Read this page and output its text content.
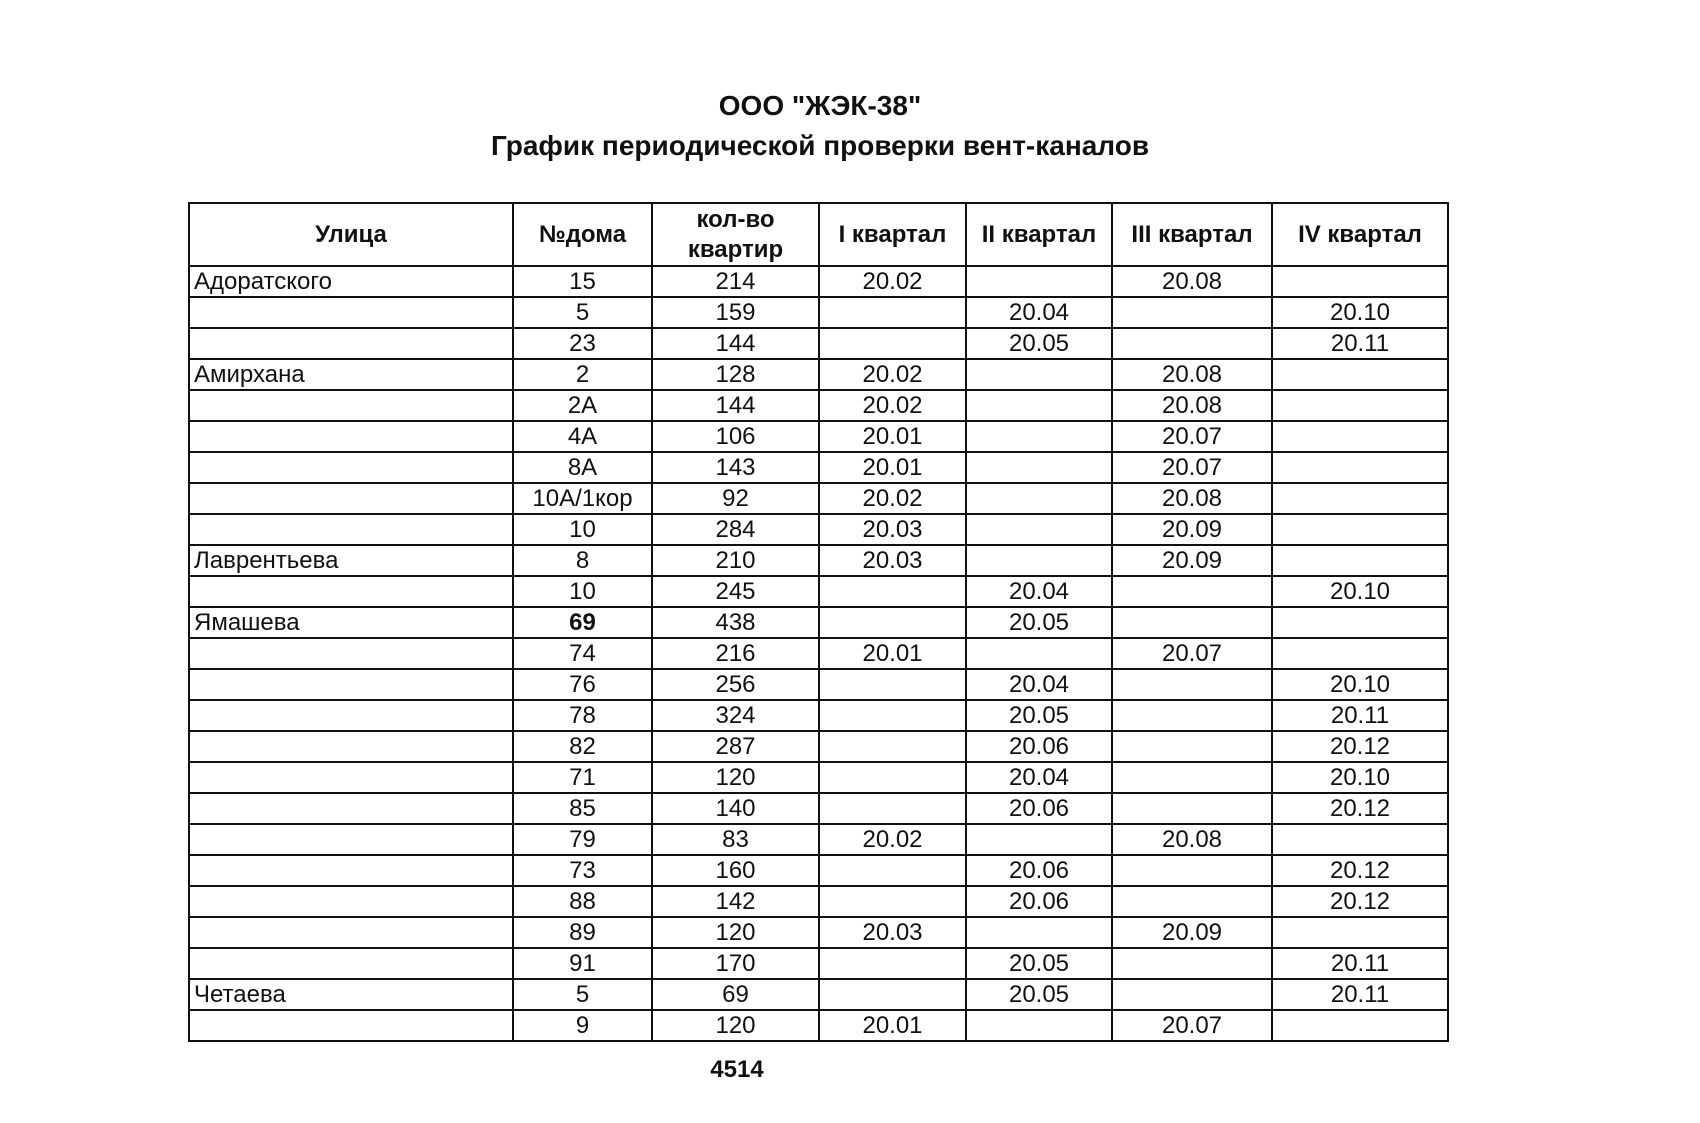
ООО "ЖЭК-38"
График периодической проверки вент-каналов
Улица	№дома	кол-во квартир	I квартал	II квартал	III квартал	IV квартал
Адоратского	15	214	20.02		20.08	
	5	159		20.04		20.10
	23	144		20.05		20.11
Амирхана	2	128	20.02		20.08	
	2А	144	20.02		20.08	
	4А	106	20.01		20.07	
	8А	143	20.01		20.07	
	10А/1кор	92	20.02		20.08	
	10	284	20.03		20.09	
Лаврентьева	8	210	20.03		20.09	
	10	245		20.04		20.10
Ямашева	69	438		20.05		
	74	216	20.01		20.07	
	76	256		20.04		20.10
	78	324		20.05		20.11
	82	287		20.06		20.12
	71	120		20.04		20.10
	85	140		20.06		20.12
	79	83	20.02		20.08	
	73	160		20.06		20.12
	88	142		20.06		20.12
	89	120	20.03		20.09	
	91	170		20.05		20.11
Четаева	5	69		20.05		20.11
	9	120	20.01		20.07	
4514
